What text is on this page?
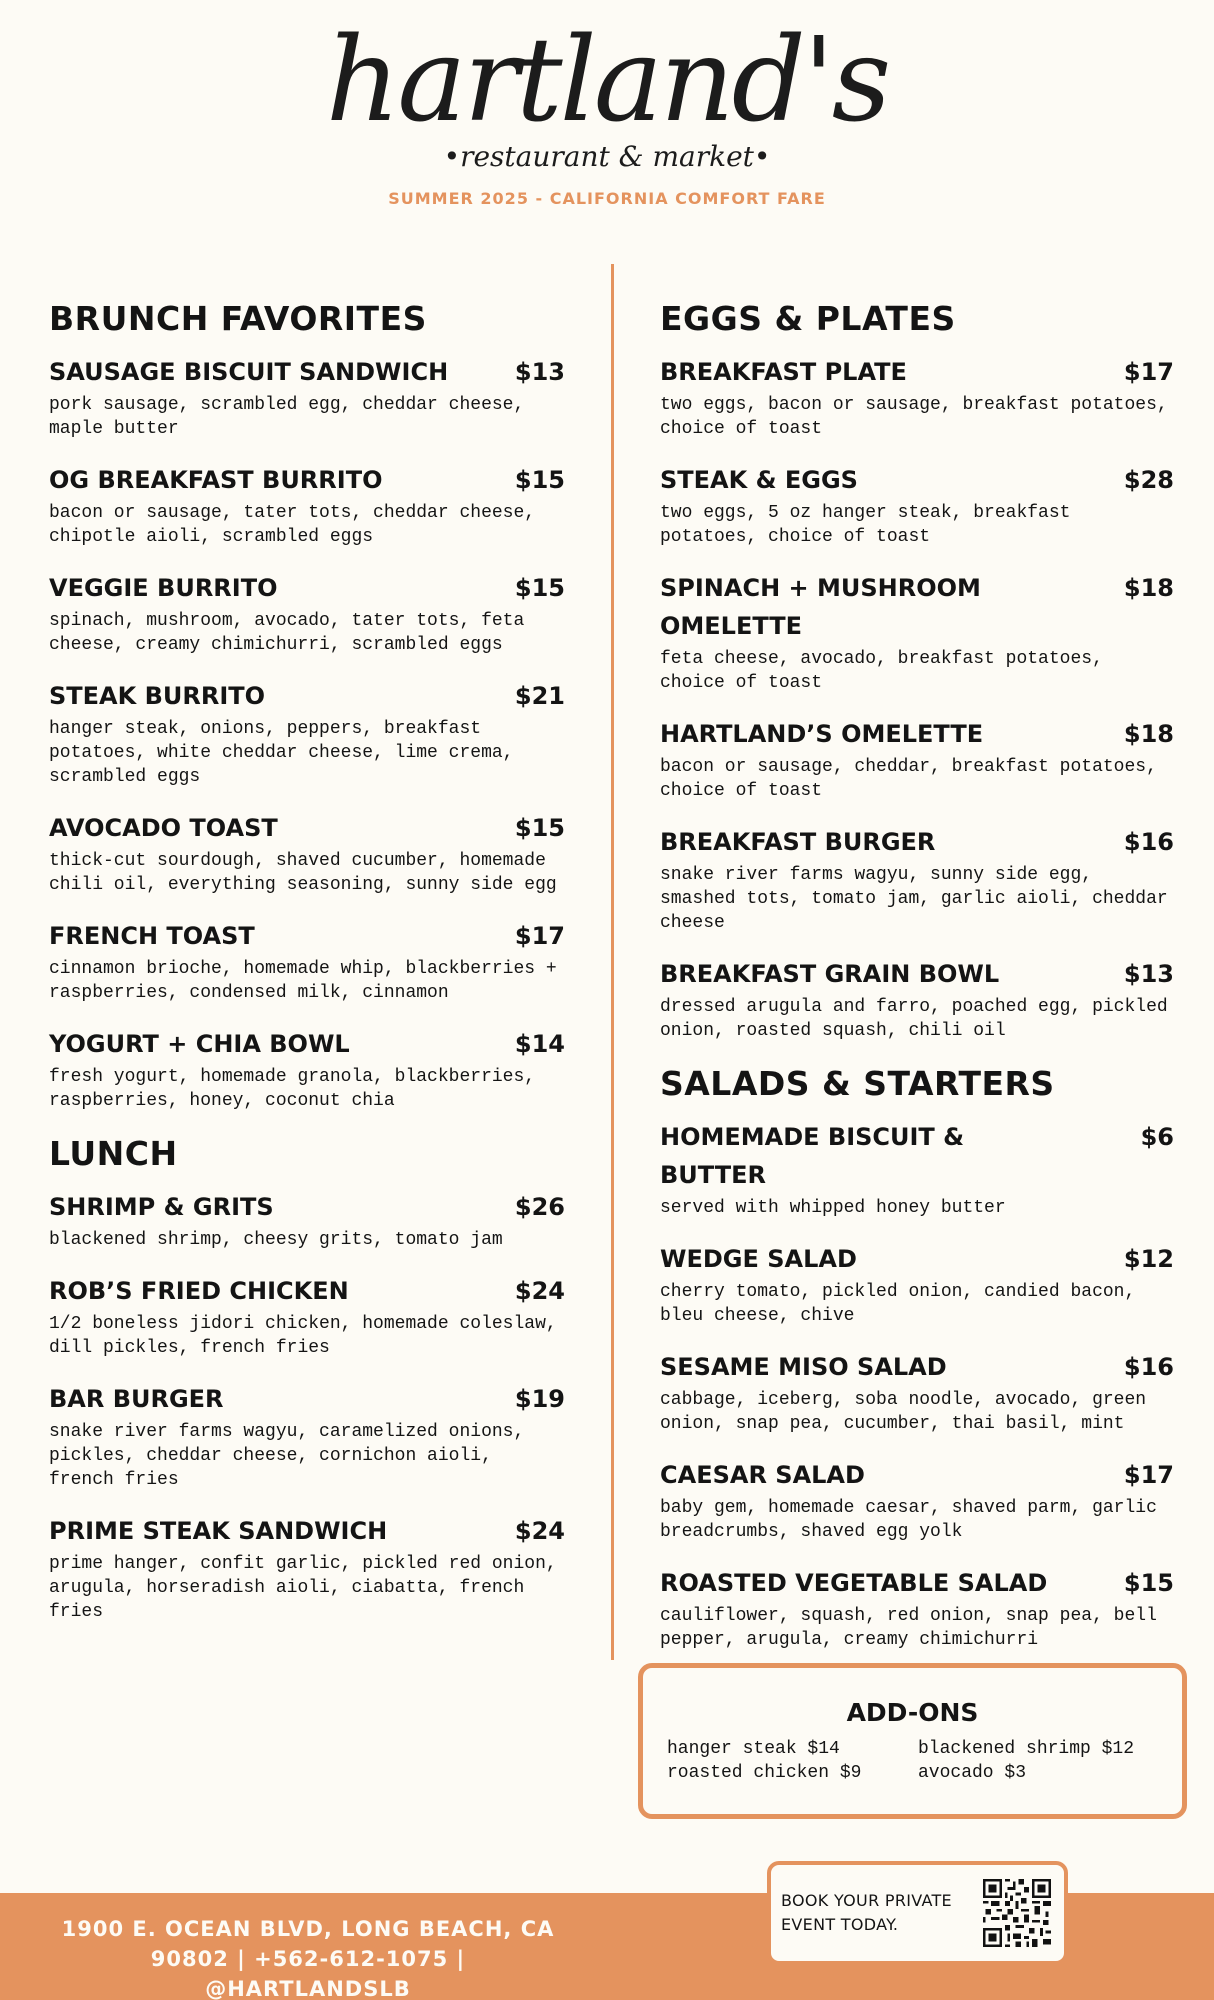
hartland's
•restaurant & market•
SUMMER 2025 - CALIFORNIA COMFORT FARE
BRUNCH FAVORITES
SAUSAGE BISCUIT SANDWICH	$13
pork sausage, scrambled egg, cheddar cheese, maple butter
OG BREAKFAST BURRITO	$15
bacon or sausage, tater tots, cheddar cheese, chipotle aioli, scrambled eggs
VEGGIE BURRITO	$15
spinach, mushroom, avocado, tater tots, feta cheese, creamy chimichurri, scrambled eggs
STEAK BURRITO	$21
hanger steak, onions, peppers, breakfast potatoes, white cheddar cheese, lime crema, scrambled eggs
AVOCADO TOAST	$15
thick-cut sourdough, shaved cucumber, homemade chili oil, everything seasoning, sunny side egg
FRENCH TOAST	$17
cinnamon brioche, homemade whip, blackberries + raspberries, condensed milk, cinnamon
YOGURT + CHIA BOWL	$14
fresh yogurt, homemade granola, blackberries, raspberries, honey, coconut chia
LUNCH
SHRIMP & GRITS	$26
blackened shrimp, cheesy grits, tomato jam
ROB’S FRIED CHICKEN	$24
1/2 boneless jidori chicken, homemade coleslaw, dill pickles, french fries
BAR BURGER	$19
snake river farms wagyu, caramelized onions, pickles, cheddar cheese, cornichon aioli, french fries
PRIME STEAK SANDWICH	$24
prime hanger, confit garlic, pickled red onion, arugula, horseradish aioli, ciabatta, french fries
EGGS & PLATES
BREAKFAST PLATE	$17
two eggs, bacon or sausage, breakfast potatoes, choice of toast
STEAK & EGGS	$28
two eggs, 5 oz hanger steak, breakfast potatoes, choice of toast
SPINACH + MUSHROOM OMELETTE
$18
feta cheese, avocado, breakfast potatoes, choice of toast
HARTLAND’S OMELETTE	$18
bacon or sausage, cheddar, breakfast potatoes, choice of toast
BREAKFAST BURGER	$16
snake river farms wagyu, sunny side egg, smashed tots, tomato jam, garlic aioli, cheddar cheese
BREAKFAST GRAIN BOWL	$13
dressed arugula and farro, poached egg, pickled onion, roasted squash, chili oil
SALADS & STARTERS
HOMEMADE BISCUIT & BUTTER
$6
served with whipped honey butter
WEDGE SALAD	$12
cherry tomato, pickled onion, candied bacon, bleu cheese, chive
SESAME MISO SALAD	$16
cabbage, iceberg, soba noodle, avocado, green onion, snap pea, cucumber, thai basil, mint
CAESAR SALAD	$17
baby gem, homemade caesar, shaved parm, garlic breadcrumbs, shaved egg yolk
ROASTED VEGETABLE SALAD	$15
cauliflower, squash, red onion, snap pea, bell pepper, arugula, creamy chimichurri
ADD-ONS
hanger steak $14	blackened shrimp $12
roasted chicken $9	avocado $3
1900 E. OCEAN BLVD, LONG BEACH, CA
90802 | +562-612-1075 | @HARTLANDSLB
BOOK YOUR PRIVATE
EVENT TODAY.
